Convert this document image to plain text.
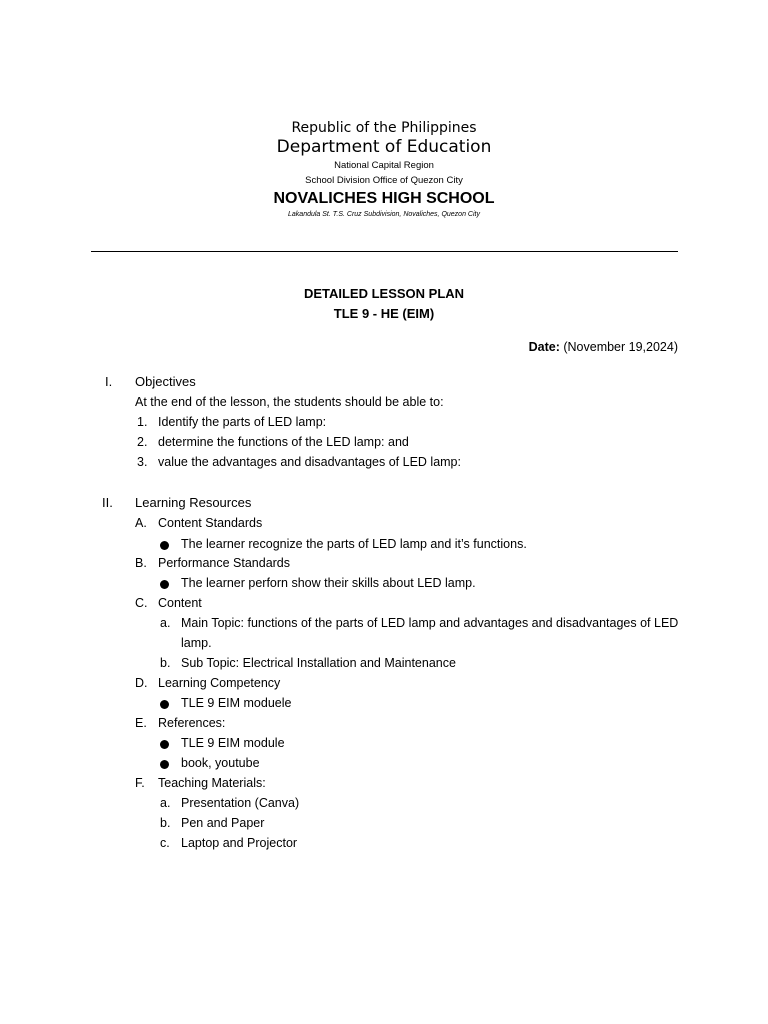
Republic of the Philippines
Department of Education
National Capital Region
School Division Office of Quezon City
NOVALICHES HIGH SCHOOL
Lakandula St. T.S. Cruz Subdivision, Novaliches, Quezon City
DETAILED LESSON PLAN
TLE 9 - HE (EIM)
Date: (November 19,2024)
I. Objectives
At the end of the lesson, the students should be able to:
1. Identify the parts of LED lamp:
2. determine the functions of the LED lamp: and
3. value the advantages and disadvantages of LED lamp:
II. Learning Resources
A. Content Standards
The learner recognize the parts of LED lamp and it’s functions.
B. Performance Standards
The learner perforn show their skills about LED lamp.
C. Content
a. Main Topic: functions of the parts of LED lamp and advantages and disadvantages of LED
lamp.
b. Sub Topic: Electrical Installation and Maintenance
D. Learning Competency
TLE 9 EIM moduele
E. References:
TLE 9 EIM module
book, youtube
F. Teaching Materials:
a. Presentation (Canva)
b. Pen and Paper
c. Laptop and Projector
